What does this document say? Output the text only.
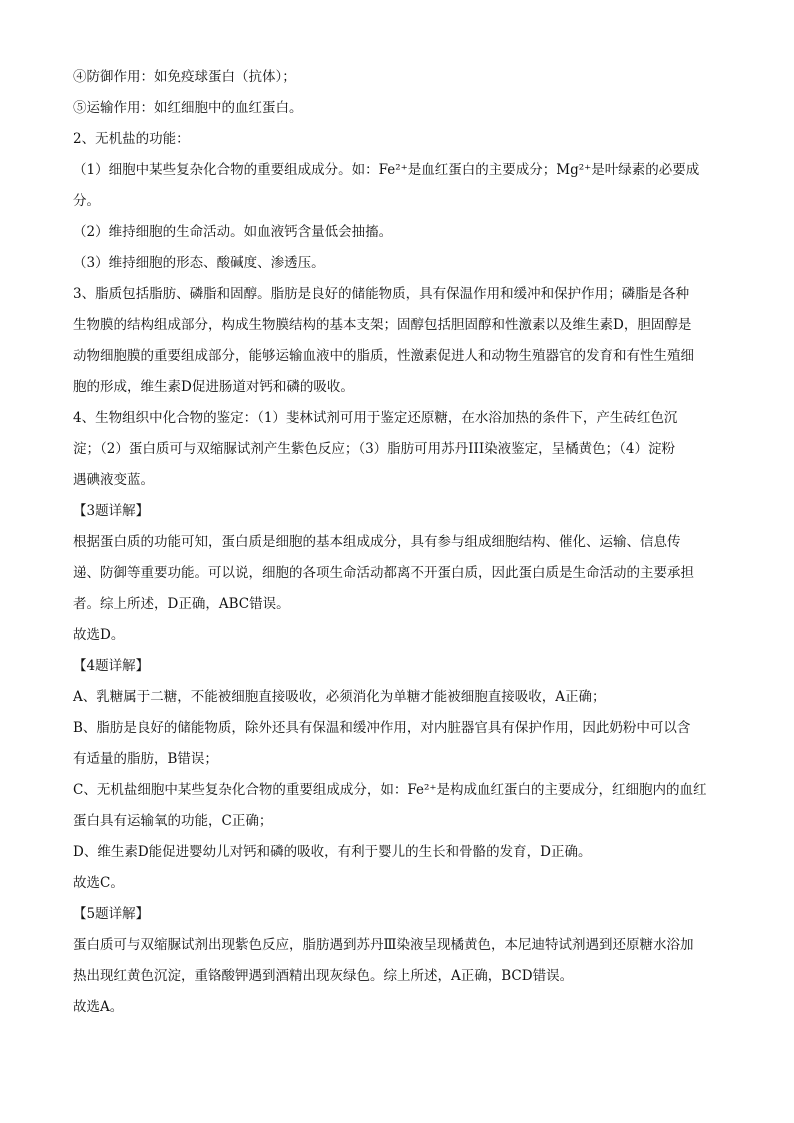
④防御作用：如免疫球蛋白（抗体）；
⑤运输作用：如红细胞中的血红蛋白。
2、无机盐的功能：
（1）细胞中某些复杂化合物的重要组成成分。如：Fe²⁺是血红蛋白的主要成分；Mg²⁺是叶绿素的必要成
分。
（2）维持细胞的生命活动。如血液钙含量低会抽搐。
（3）维持细胞的形态、酸碱度、渗透压。
3、脂质包括脂肪、磷脂和固醇。脂肪是良好的储能物质，具有保温作用和缓冲和保护作用；磷脂是各种
生物膜的结构组成部分，构成生物膜结构的基本支架；固醇包括胆固醇和性激素以及维生素D，胆固醇是
动物细胞膜的重要组成部分，能够运输血液中的脂质，性激素促进人和动物生殖器官的发育和有性生殖细
胞的形成，维生素D促进肠道对钙和磷的吸收。
4、生物组织中化合物的鉴定：（1）斐林试剂可用于鉴定还原糖，在水浴加热的条件下，产生砖红色沉
淀；（2）蛋白质可与双缩脲试剂产生紫色反应；（3）脂肪可用苏丹III染液鉴定，呈橘黄色；（4）淀粉
遇碘液变蓝。
【3题详解】
根据蛋白质的功能可知，蛋白质是细胞的基本组成成分，具有参与组成细胞结构、催化、运输、信息传
递、防御等重要功能。可以说，细胞的各项生命活动都离不开蛋白质，因此蛋白质是生命活动的主要承担
者。综上所述，D正确，ABC错误。
故选D。
【4题详解】
A、乳糖属于二糖，不能被细胞直接吸收，必须消化为单糖才能被细胞直接吸收，A正确；
B、脂肪是良好的储能物质，除外还具有保温和缓冲作用，对内脏器官具有保护作用，因此奶粉中可以含
有适量的脂肪，B错误；
C、无机盐细胞中某些复杂化合物的重要组成成分，如：Fe²⁺是构成血红蛋白的主要成分，红细胞内的血红
蛋白具有运输氧的功能，C正确；
D、维生素D能促进婴幼儿对钙和磷的吸收，有利于婴儿的生长和骨骼的发育，D正确。
故选C。
【5题详解】
蛋白质可与双缩脲试剂出现紫色反应，脂肪遇到苏丹Ⅲ染液呈现橘黄色，本尼迪特试剂遇到还原糖水浴加
热出现红黄色沉淀，重铬酸钾遇到酒精出现灰绿色。综上所述，A正确，BCD错误。
故选A。
